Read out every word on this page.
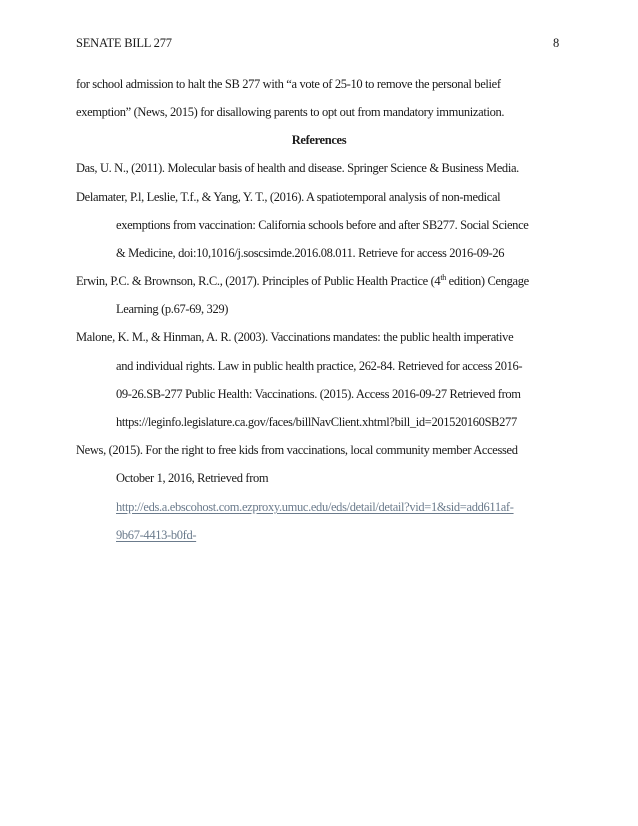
SENATE BILL 277	8
for school admission to halt the SB 277 with “a vote of 25-10 to remove the personal belief
exemption” (News, 2015) for disallowing parents to opt out from mandatory immunization.
References
Das, U. N., (2011). Molecular basis of health and disease. Springer Science & Business Media.
Delamater, P.l, Leslie, T.f., & Yang, Y. T., (2016). A spatiotemporal analysis of non-medical
exemptions from vaccination: California schools before and after SB277. Social Science
& Medicine, doi:10,1016/j.soscsimde.2016.08.011. Retrieve for access 2016-09-26
Erwin, P.C. & Brownson, R.C., (2017). Principles of Public Health Practice (4th edition) Cengage
Learning (p.67-69, 329)
Malone, K. M., & Hinman, A. R. (2003). Vaccinations mandates: the public health imperative
and individual rights. Law in public health practice, 262-84. Retrieved for access 2016-
09-26.SB-277 Public Health: Vaccinations. (2015). Access 2016-09-27 Retrieved from
https://leginfo.legislature.ca.gov/faces/billNavClient.xhtml?bill_id=201520160SB277
News, (2015). For the right to free kids from vaccinations, local community member Accessed
October 1, 2016, Retrieved from
http://eds.a.ebscohost.com.ezproxy.umuc.edu/eds/detail/detail?vid=1&sid=add611af-
9b67-4413-b0fd-
